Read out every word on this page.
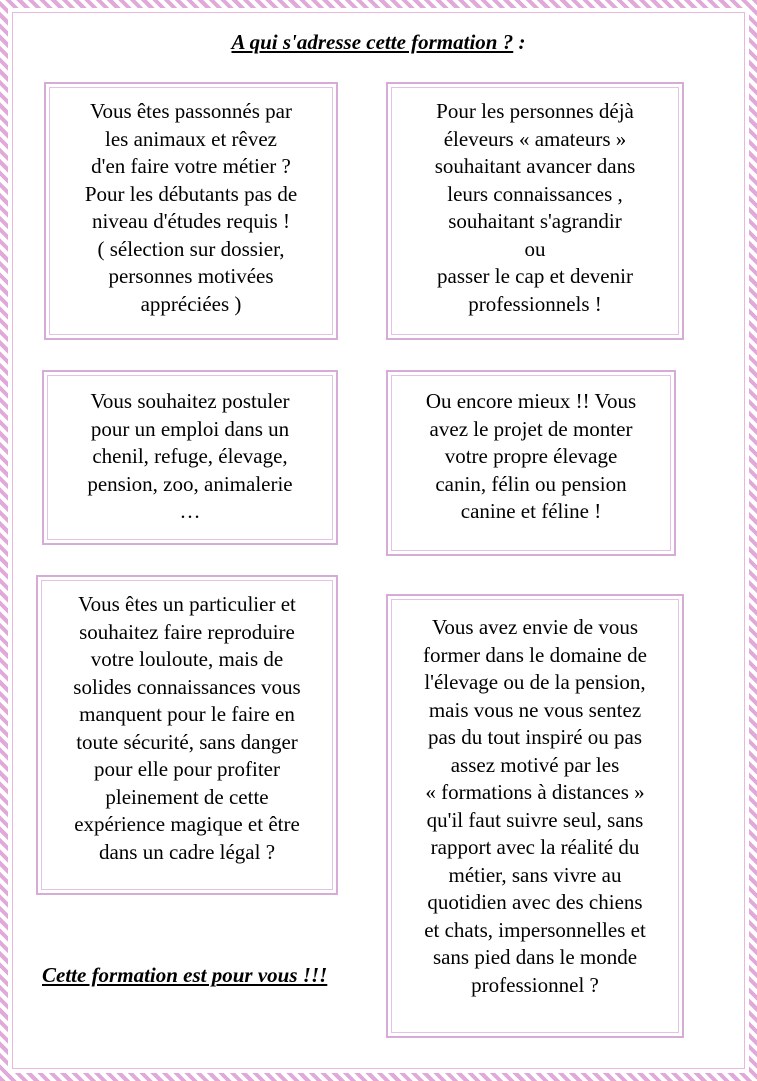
A qui s'adresse cette formation ? :

Vous êtes passonnés par
les animaux et rêvez
d'en faire votre métier ?
Pour les débutants pas de
niveau d'études requis !
( sélection sur dossier,
personnes motivées
appréciées )

Pour les personnes déjà
éleveurs « amateurs »
souhaitant avancer dans
leurs connaissances ,
souhaitant s'agrandir
ou
passer le cap et devenir
professionnels !

Vous souhaitez postuler
pour un emploi dans un
chenil, refuge, élevage,
pension, zoo, animalerie
…

Ou encore mieux !! Vous
avez le projet de monter
votre propre élevage
canin, félin ou pension
canine et féline !

Vous êtes un particulier et
souhaitez faire reproduire
votre louloute, mais de
solides connaissances vous
manquent pour le faire en
toute sécurité, sans danger
pour elle pour profiter
pleinement de cette
expérience magique et être
dans un cadre légal ?

Vous avez envie de vous
former dans le domaine de
l'élevage ou de la pension,
mais vous ne vous sentez
pas du tout inspiré ou pas
assez motivé par les
« formations à distances »
qu'il faut suivre seul, sans
rapport avec la réalité du
métier, sans vivre au
quotidien avec des chiens
et chats, impersonnelles et
sans pied dans le monde
professionnel ?

Cette formation est pour vous !!!
